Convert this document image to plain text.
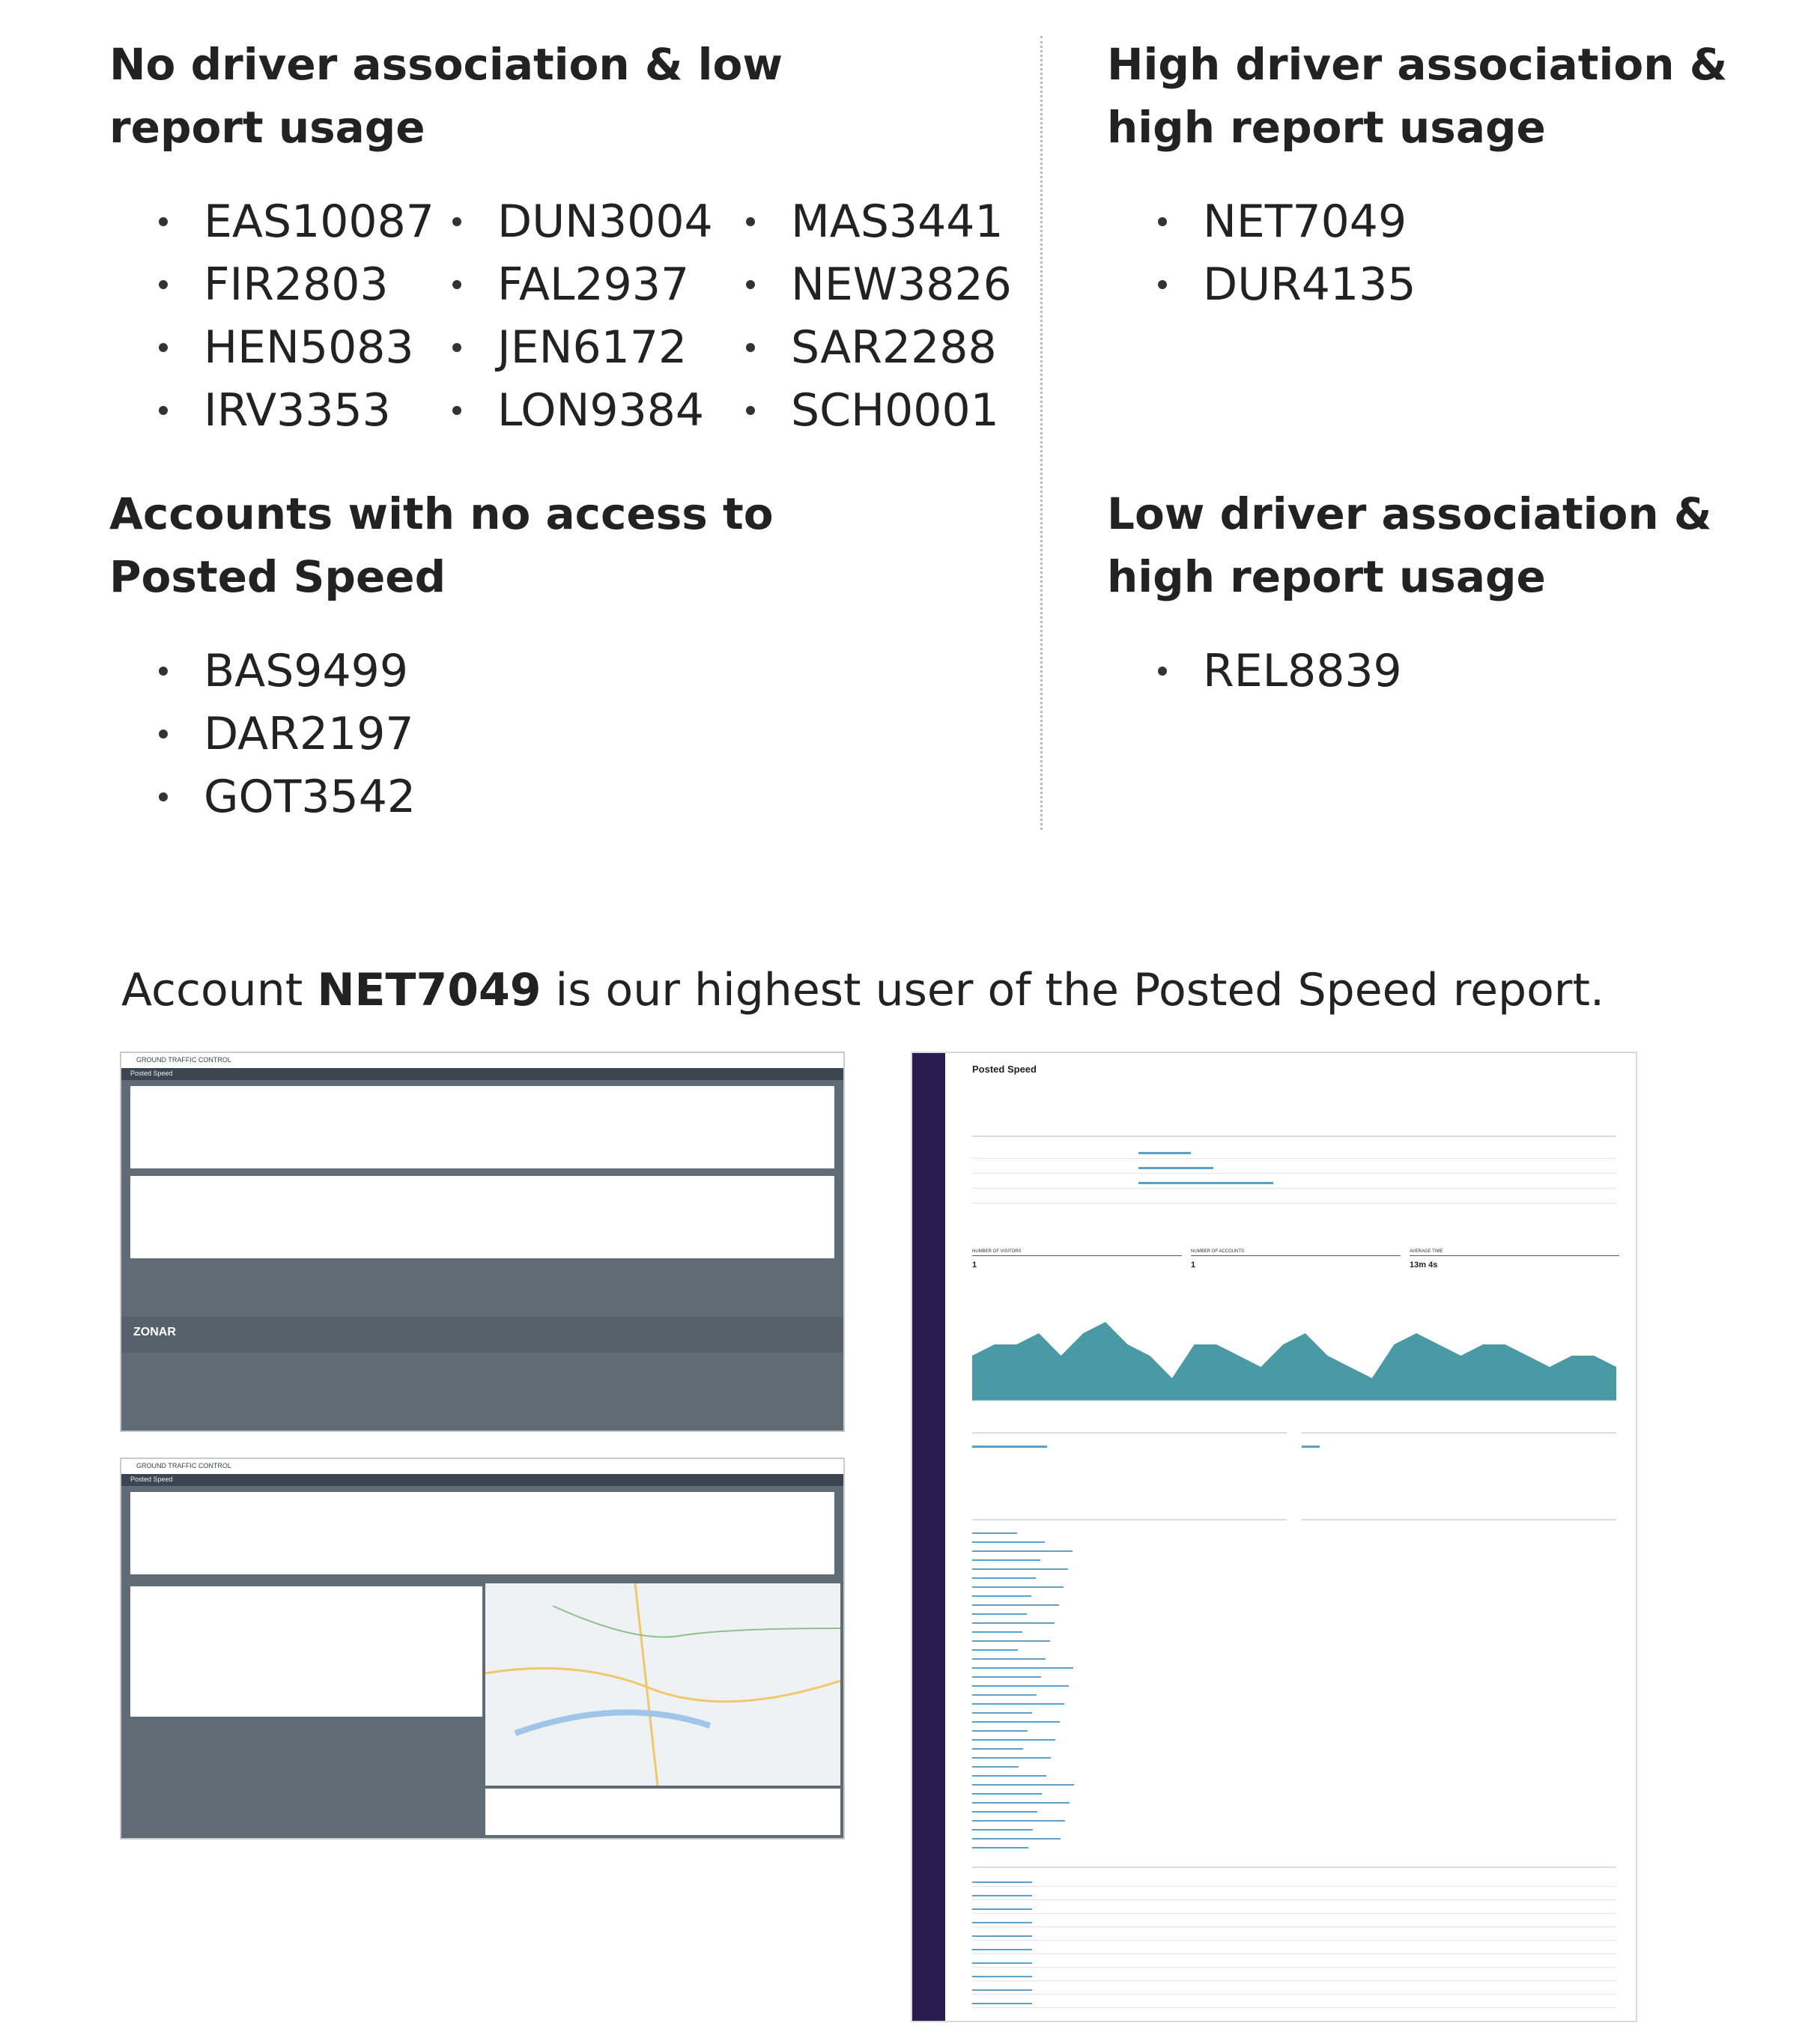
No driver association & low
report usage
High driver association &
high report usage
Accounts with no access to
Posted Speed
Low driver association &
high report usage
EAS10087
FIR2803
HEN5083
IRV3353
DUN3004
FAL2937
JEN6172
LON9384
MAS3441
NEW3826
SAR2288
SCH0001
NET7049
DUR4135
BAS9499
DAR2197
GOT3542
REL8839
Account NET7049 is our highest user of the Posted Speed report.
GROUND TRAFFIC CONTROL
Posted Speed
ZONAR
GROUND TRAFFIC CONTROL
Posted Speed
Posted Speed
NUMBER OF VISITORS
1
NUMBER OF ACCOUNTS
1
AVERAGE TIME
13m 4s
